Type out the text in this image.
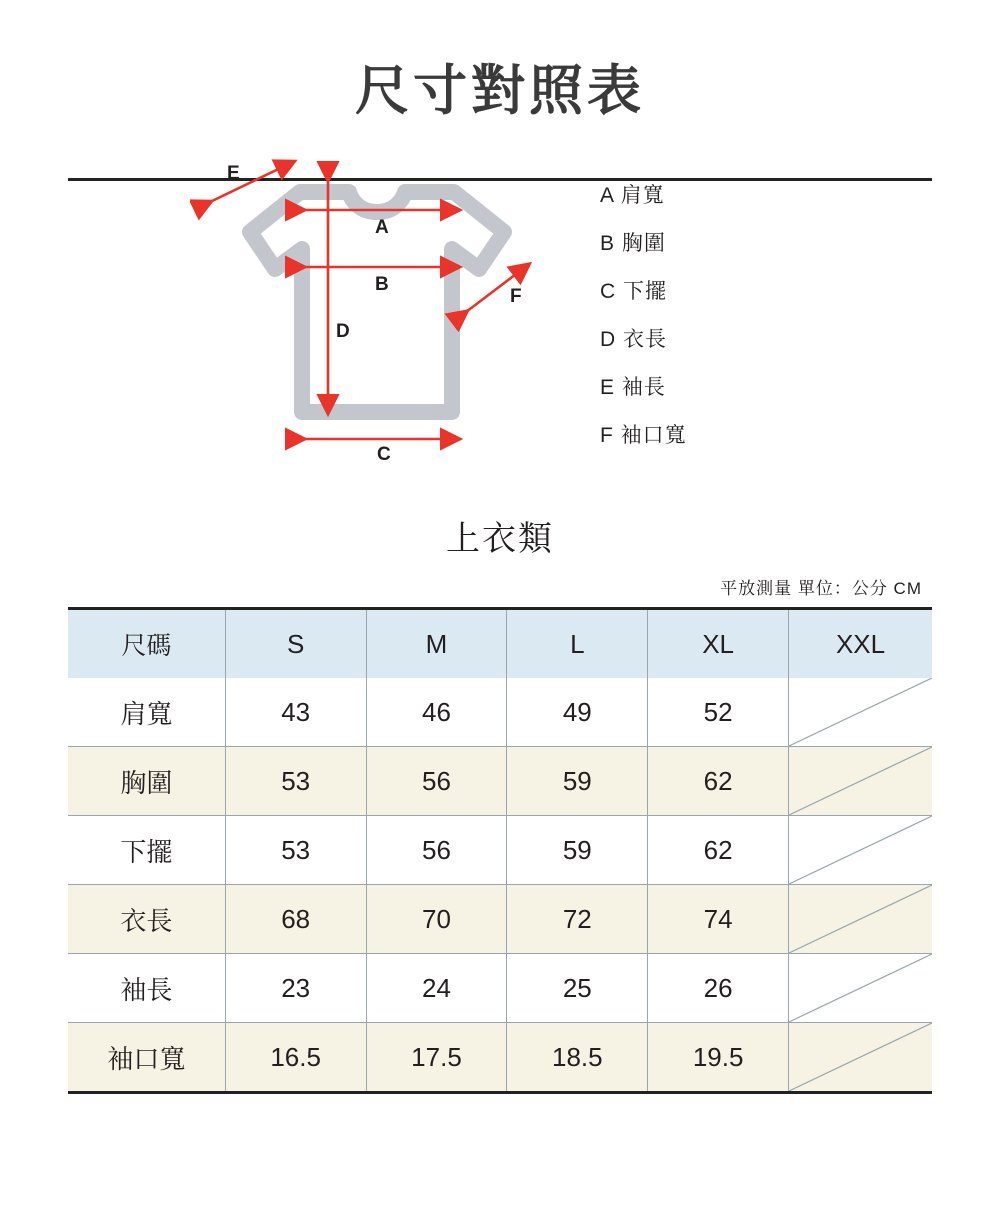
尺寸對照表
E
A
B
D
C
F
A 肩寬
B 胸圍
C 下擺
D 衣長
E 袖長
F 袖口寬
上衣類
平放測量 單位：公分 CM
尺碼	S	M	L	XL	XXL
肩寬	43	46	49	52	

胸圍	53	56	59	62	

下擺	53	56	59	62	

衣長	68	70	72	74	

袖長	23	24	25	26	

袖口寬	16.5	17.5	18.5	19.5	
